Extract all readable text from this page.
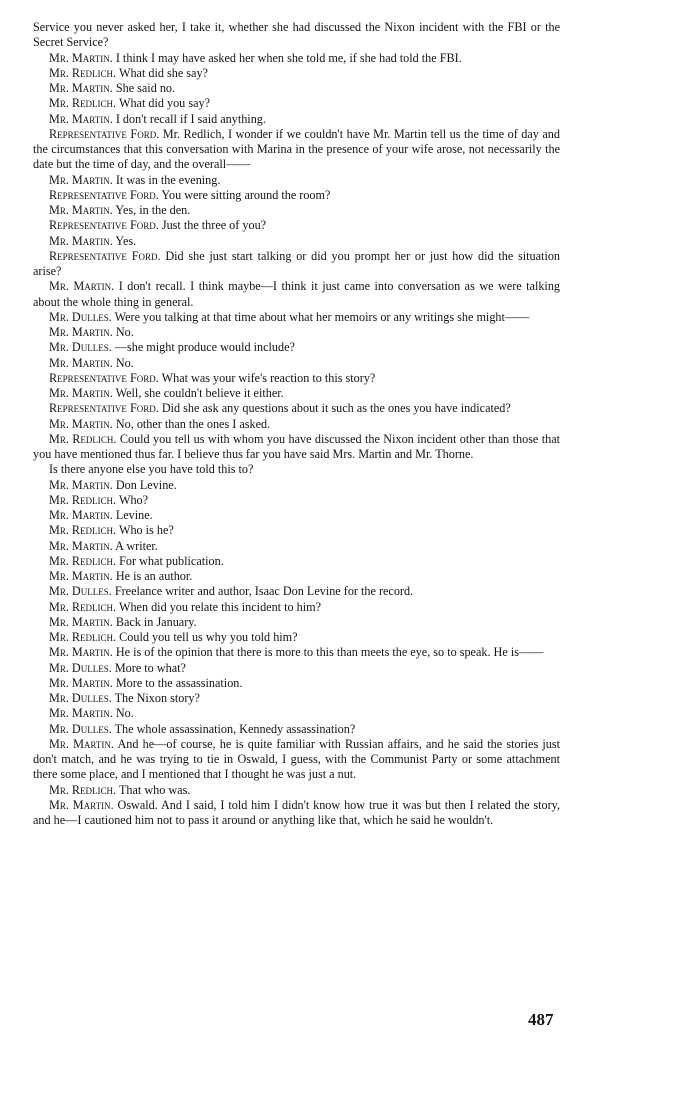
Service you never asked her, I take it, whether she had discussed the Nixon incident with the FBI or the Secret Service?

Mr. Martin. I think I may have asked her when she told me, if she had told the FBI.

Mr. Redlich. What did she say?

Mr. Martin. She said no.

Mr. Redlich. What did you say?

Mr. Martin. I don't recall if I said anything.

Representative Ford. Mr. Redlich, I wonder if we couldn't have Mr. Martin tell us the time of day and the circumstances that this conversation with Marina in the presence of your wife arose, not necessarily the date but the time of day, and the overall——

Mr. Martin. It was in the evening.

Representative Ford. You were sitting around the room?

Mr. Martin. Yes, in the den.

Representative Ford. Just the three of you?

Mr. Martin. Yes.

Representative Ford. Did she just start talking or did you prompt her or just how did the situation arise?

Mr. Martin. I don't recall. I think maybe—I think it just came into conversation as we were talking about the whole thing in general.

Mr. Dulles. Were you talking at that time about what her memoirs or any writings she might——

Mr. Martin. No.

Mr. Dulles. —she might produce would include?

Mr. Martin. No.

Representative Ford. What was your wife's reaction to this story?

Mr. Martin. Well, she couldn't believe it either.

Representative Ford. Did she ask any questions about it such as the ones you have indicated?

Mr. Martin. No, other than the ones I asked.

Mr. Redlich. Could you tell us with whom you have discussed the Nixon incident other than those that you have mentioned thus far. I believe thus far you have said Mrs. Martin and Mr. Thorne.

Is there anyone else you have told this to?

Mr. Martin. Don Levine.

Mr. Redlich. Who?

Mr. Martin. Levine.

Mr. Redlich. Who is he?

Mr. Martin. A writer.

Mr. Redlich. For what publication.

Mr. Martin. He is an author.

Mr. Dulles. Freelance writer and author, Isaac Don Levine for the record.

Mr. Redlich. When did you relate this incident to him?

Mr. Martin. Back in January.

Mr. Redlich. Could you tell us why you told him?

Mr. Martin. He is of the opinion that there is more to this than meets the eye, so to speak. He is——

Mr. Dulles. More to what?

Mr. Martin. More to the assassination.

Mr. Dulles. The Nixon story?

Mr. Martin. No.

Mr. Dulles. The whole assassination, Kennedy assassination?

Mr. Martin. And he—of course, he is quite familiar with Russian affairs, and he said the stories just don't match, and he was trying to tie in Oswald, I guess, with the Communist Party or some attachment there some place, and I mentioned that I thought he was just a nut.

Mr. Redlich. That who was.

Mr. Martin. Oswald. And I said, I told him I didn't know how true it was but then I related the story, and he—I cautioned him not to pass it around or anything like that, which he said he wouldn't.

487
